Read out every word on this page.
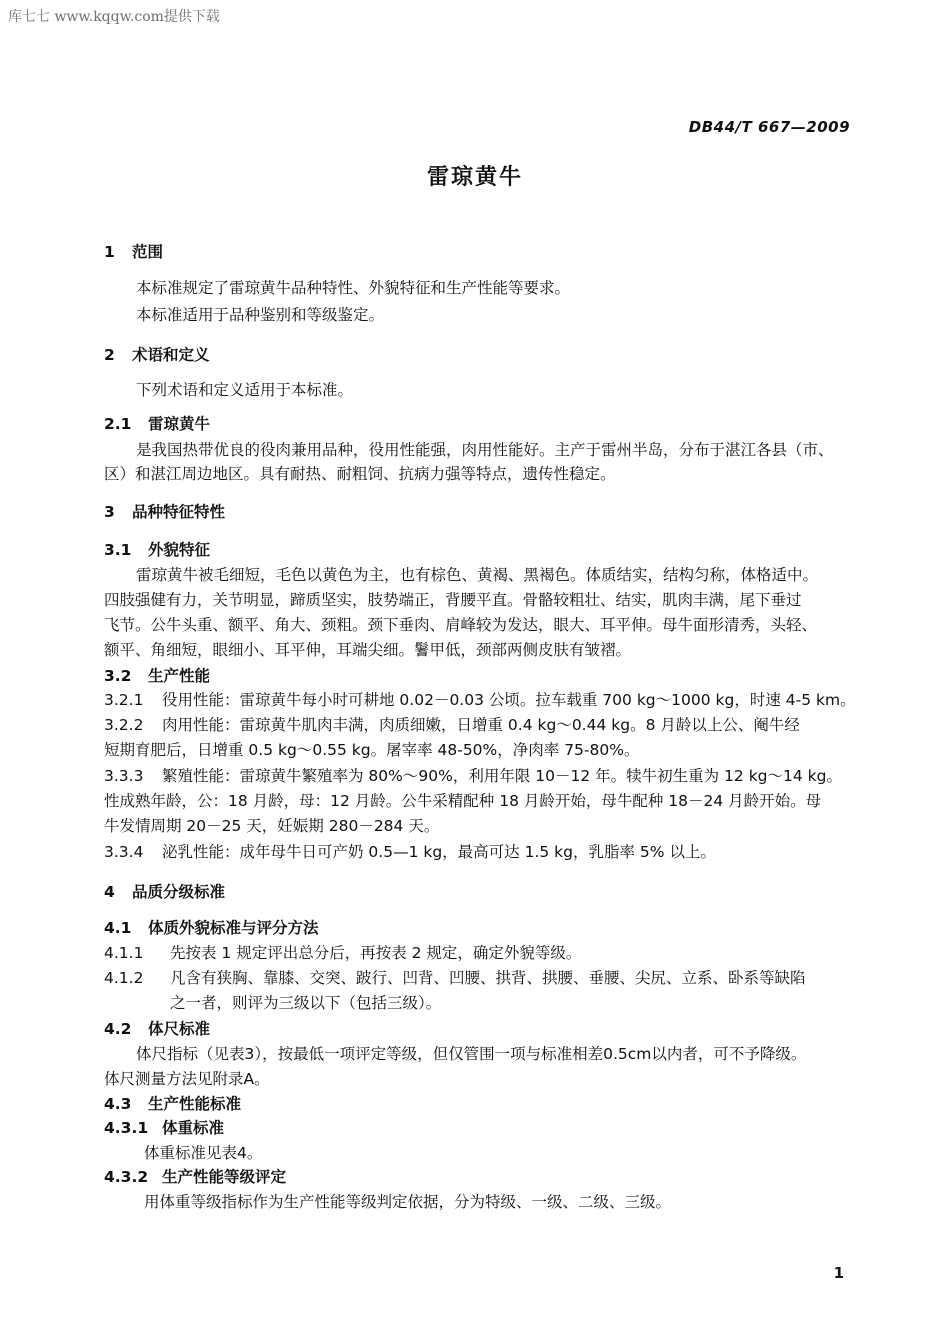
库七七 www.kqqw.com提供下载
DB44/T 667—2009
雷琼黄牛
1 范围
本标准规定了雷琼黄牛品种特性、外貌特征和生产性能等要求。
本标准适用于品种鉴别和等级鉴定。
2 术语和定义
下列术语和定义适用于本标准。
2.1 雷琼黄牛
是我国热带优良的役肉兼用品种，役用性能强，肉用性能好。主产于雷州半岛，分布于湛江各县（市、
区）和湛江周边地区。具有耐热、耐粗饲、抗病力强等特点，遗传性稳定。
3 品种特征特性
3.1 外貌特征
雷琼黄牛被毛细短，毛色以黄色为主，也有棕色、黄褐、黑褐色。体质结实，结构匀称，体格适中。
四肢强健有力，关节明显，蹄质坚实，肢势端正，背腰平直。骨骼较粗壮、结实，肌肉丰满，尾下垂过
飞节。公牛头重、额平、角大、颈粗。颈下垂肉、肩峰较为发达，眼大、耳平伸。母牛面形清秀，头轻、
额平、角细短，眼细小、耳平伸，耳端尖细。鬐甲低，颈部两侧皮肤有皱褶。
3.2 生产性能
3.2.1 役用性能：雷琼黄牛每小时可耕地 0.02－0.03 公顷。拉车载重 700 kg～1000 kg，时速 4-5 km。
3.2.2 肉用性能：雷琼黄牛肌肉丰满，肉质细嫩，日增重 0.4 kg～0.44 kg。8 月龄以上公、阉牛经
短期育肥后，日增重 0.5 kg～0.55 kg。屠宰率 48-50%，净肉率 75-80%。
3.3.3 繁殖性能：雷琼黄牛繁殖率为 80%～90%，利用年限 10－12 年。犊牛初生重为 12 kg～14 kg。
性成熟年龄，公：18 月龄，母：12 月龄。公牛采精配种 18 月龄开始，母牛配种 18－24 月龄开始。母
牛发情周期 20－25 天，妊娠期 280－284 天。
3.3.4 泌乳性能：成年母牛日可产奶 0.5—1 kg，最高可达 1.5 kg，乳脂率 5% 以上。
4 品质分级标准
4.1 体质外貌标准与评分方法
4.1.1 先按表 1 规定评出总分后，再按表 2 规定，确定外貌等级。
4.1.2 凡含有狭胸、靠膝、交突、跛行、凹背、凹腰、拱背、拱腰、垂腰、尖尻、立系、卧系等缺陷
之一者，则评为三级以下（包括三级）。
4.2 体尺标准
体尺指标（见表3），按最低一项评定等级，但仅管围一项与标准相差0.5cm以内者，可不予降级。
体尺测量方法见附录A。
4.3 生产性能标准
4.3.1 体重标准
体重标准见表4。
4.3.2 生产性能等级评定
用体重等级指标作为生产性能等级判定依据，分为特级、一级、二级、三级。
1
